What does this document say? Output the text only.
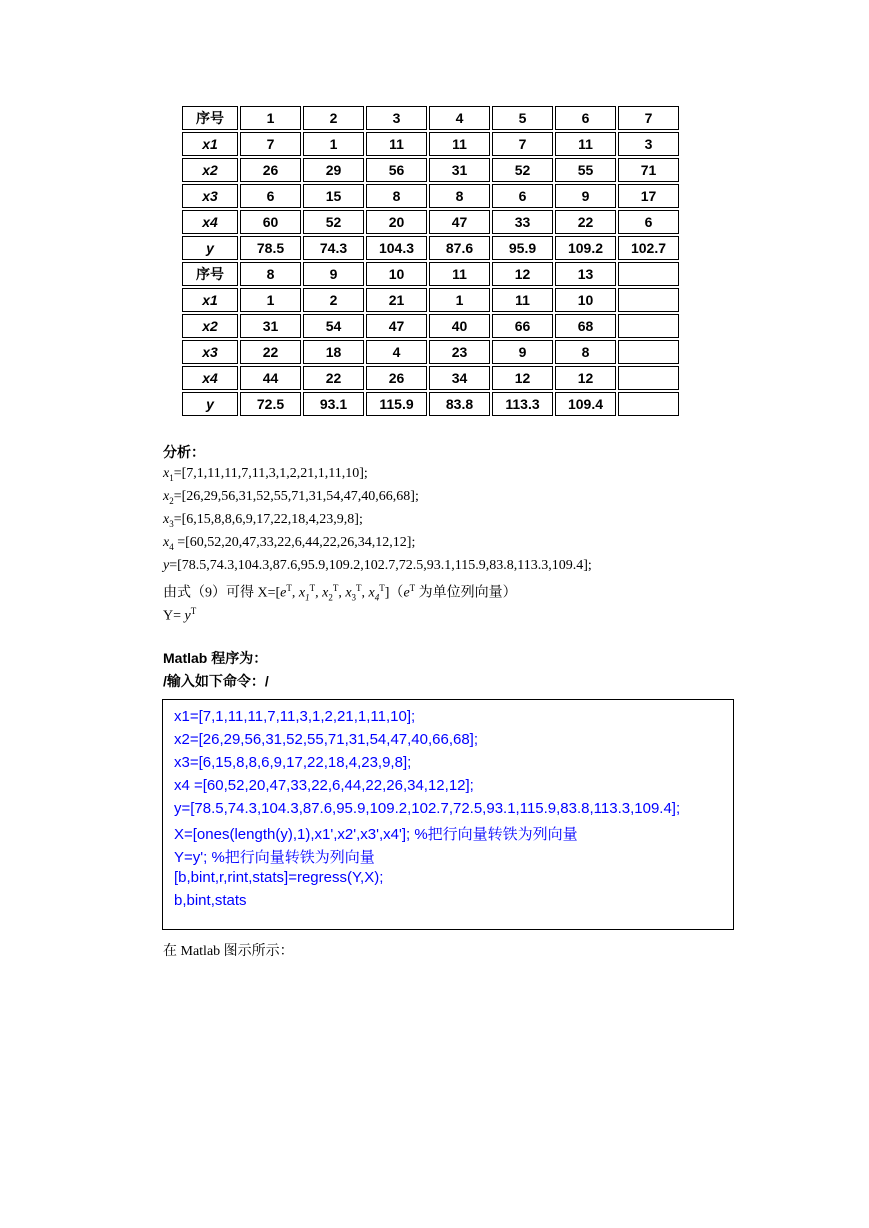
序号	1	2	3	4	5	6	7
x1	7	1	11	11	7	11	3
x2	26	29	56	31	52	55	71
x3	6	15	8	8	6	9	17
x4	60	52	20	47	33	22	6
y	78.5	74.3	104.3	87.6	95.9	109.2	102.7
序号	8	9	10	11	12	13	
x1	1	2	21	1	11	10	
x2	31	54	47	40	66	68	
x3	22	18	4	23	9	8	
x4	44	22	26	34	12	12	
y	72.5	93.1	115.9	83.8	113.3	109.4	
分析：
$x_1=[7,1,11,11,7,11,3,1,2,21,1,11,10]$;
$x_2=[26,29,56,31,52,55,71,31,54,47,40,66,68]$;
$x_3=[6,15,8,8,6,9,17,22,18,4,23,9,8]$;
$x_4 =[60,52,20,47,33,22,6,44,22,26,34,12,12]$;
y=[78.5,74.3,104.3,87.6,95.9,109.2,102.7,72.5,93.1,115.9,83.8,113.3,109.4];
由式（9）可得 $X=[e^T$, $x_1^T$, $x_2^T$, $x_3^T$, $x_4^T](e^T$ 为单位列向量）
$Y= y^T$
Matlab 程序为：
/输入如下命令：/
x1=[7,1,11,11,7,11,3,1,2,21,1,11,10];
x2=[26,29,56,31,52,55,71,31,54,47,40,66,68];
x3=[6,15,8,8,6,9,17,22,18,4,23,9,8];
x4 =[60,52,20,47,33,22,6,44,22,26,34,12,12];
y=[78.5,74.3,104.3,87.6,95.9,109.2,102.7,72.5,93.1,115.9,83.8,113.3,109.4];
X=[ones(length(y),1),x1',x2',x3',x4']; %把行向量转铁为列向量
Y=y'; %把行向量转铁为列向量
[b,bint,r,rint,stats]=regress(Y,X);
b,bint,stats
在 Matlab 图示所示：
